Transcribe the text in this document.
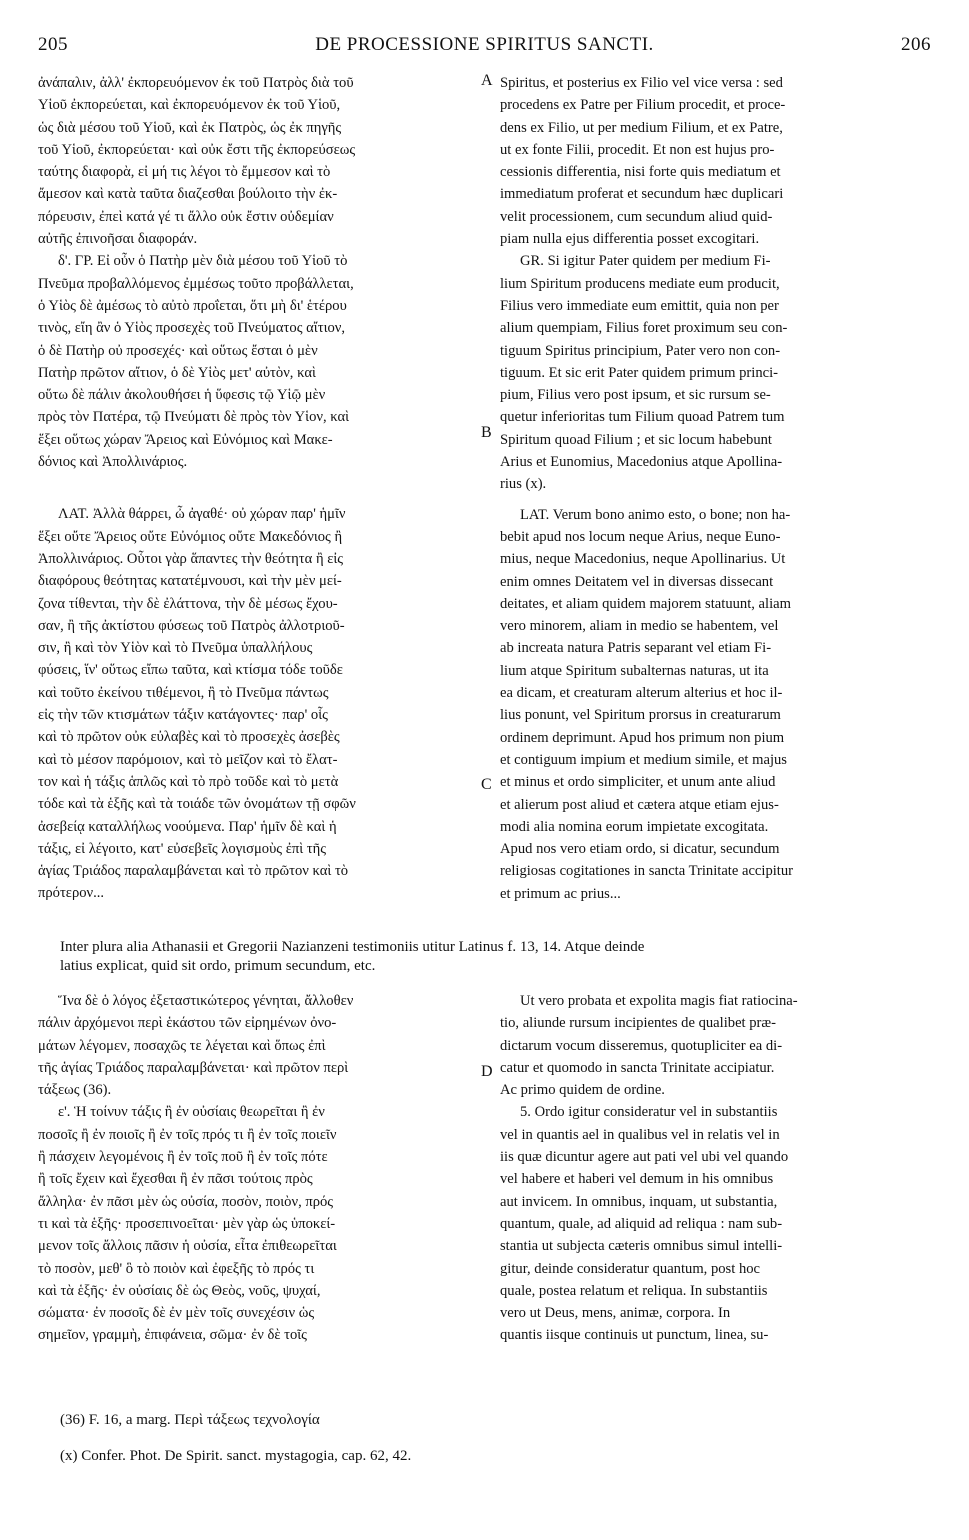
205	DE PROCESSIONE SPIRITUS SANCTI.	206

ἀνάπαλιν, ἀλλ' ἐκπορευόμενον ἐκ τοῦ Πατρὸς διὰ τοῦ
Υἱοῦ ἐκπορεύεται, καὶ ἐκπορευόμενον ἐκ τοῦ Υἱοῦ,
ὡς διὰ μέσου τοῦ Υἱοῦ, καὶ ἐκ Πατρὸς, ὡς ἐκ πηγῆς
τοῦ Υἱοῦ, ἐκπορεύεται· καὶ οὐκ ἔστι τῆς ἐκπορεύσεως
ταύτης διαφορὰ, εἰ μή τις λέγοι τὸ ἔμμεσον καὶ τὸ
ἄμεσον καὶ κατὰ ταῦτα διαζεσθαι βούλοιτο τὴν ἐκ-
πόρευσιν, ἐπεὶ κατά γέ τι ἄλλο οὐκ ἔστιν οὐδεμίαν
αὐτῆς ἐπινοῆσαι διαφοράν.

δ'. ΓΡ. Εἰ οὖν ὁ Πατὴρ μὲν διὰ μέσου τοῦ Υἱοῦ τὸ
Πνεῦμα προβαλλόμενος ἐμμέσως τοῦτο προβάλλεται,
ὁ Υἱὸς δὲ ἀμέσως τὸ αὐτὸ προΐεται, ὅτι μὴ δι' ἑτέρου
τινὸς, εἴη ἂν ὁ Υἱὸς προσεχὲς τοῦ Πνεύματος αἴτιον,
ὁ δὲ Πατὴρ οὐ προσεχές· καὶ οὕτως ἔσται ὁ μὲν
Πατὴρ πρῶτον αἴτιον, ὁ δὲ Υἱὸς μετ' αὐτὸν, καὶ
οὕτω δὲ πάλιν ἀκολουθήσει ἡ ὕφεσις τῷ Υἱῷ μὲν
πρὸς τὸν Πατέρα, τῷ Πνεύματι δὲ πρὸς τὸν Υἱον, καὶ
ἕξει οὕτως χώραν Ἄρειος καὶ Εὐνόμιος καὶ Μακε-
δόνιος καὶ Ἀπολλινάριος.

ΛΑΤ. Ἀλλὰ θάρρει, ὦ ἀγαθέ· οὐ χώραν παρ' ἡμῖν
ἕξει οὔτε Ἄρειος οὔτε Εὐνόμιος οὔτε Μακεδόνιος ἢ
Ἀπολλινάριος. Οὗτοι γὰρ ἅπαντες τὴν θεότητα ἢ εἰς
διαφόρους θεότητας κατατέμνουσι, καὶ τὴν μὲν μεί-
ζονα τίθενται, τὴν δὲ ἐλάττονα, τὴν δὲ μέσως ἔχου-
σαν, ἢ τῆς ἀκτίστου φύσεως τοῦ Πατρὸς ἀλλοτριοῦ-
σιν, ἢ καὶ τὸν Υἱὸν καὶ τὸ Πνεῦμα ὑπαλλήλους
φύσεις, ἵν' οὕτως εἴπω ταῦτα, καὶ κτίσμα τόδε τοῦδε
καὶ τοῦτο ἐκείνου τιθέμενοι, ἢ τὸ Πνεῦμα πάντως
εἰς τὴν τῶν κτισμάτων τάξιν κατάγοντες· παρ' οἷς
καὶ τὸ πρῶτον οὐκ εὐλαβὲς καὶ τὸ προσεχὲς ἀσεβὲς
καὶ τὸ μέσον παρόμοιον, καὶ τὸ μεῖζον καὶ τὸ ἔλατ-
τον καὶ ἡ τάξις ἁπλῶς καὶ τὸ πρὸ τοῦδε καὶ τὸ μετὰ
τόδε καὶ τὰ ἑξῆς καὶ τὰ τοιάδε τῶν ὀνομάτων τῇ σφῶν
ἀσεβείᾳ καταλλήλως νοούμενα. Παρ' ἡμῖν δὲ καὶ ἡ
τάξις, εἰ λέγοιτο, κατ' εὐσεβεῖς λογισμοὺς ἐπὶ τῆς
ἁγίας Τριάδος παραλαμβάνεται καὶ τὸ πρῶτον καὶ τὸ
πρότερον...

Spiritus, et posterius ex Filio vel vice versa : sed
procedens ex Patre per Filium procedit, et proce-
dens ex Filio, ut per medium Filium, et ex Patre,
ut ex fonte Filii, procedit. Et non est hujus pro-
cessionis differentia, nisi forte quis mediatum et
immediatum proferat et secundum hæc duplicari
velit processionem, cum secundum aliud quid-
piam nulla ejus differentia posset excogitari.

GR. Si igitur Pater quidem per medium Fi-
lium Spiritum producens mediate eum producit,
Filius vero immediate eum emittit, quia non per
alium quempiam, Filius foret proximum seu con-
tiguum Spiritus principium, Pater vero non con-
tiguum. Et sic erit Pater quidem primum princi-
pium, Filius vero post ipsum, et sic rursum se-
quetur inferioritas tum Filium quoad Patrem tum
Spiritum quoad Filium ; et sic locum habebunt
Arius et Eunomius, Macedonius atque Apollina-
rius (x).

LAT. Verum bono animo esto, o bone; non ha-
bebit apud nos locum neque Arius, neque Euno-
mius, neque Macedonius, neque Apollinarius. Ut
enim omnes Deitatem vel in diversas dissecant
deitates, et aliam quidem majorem statuunt, aliam
vero minorem, aliam in medio se habentem, vel
ab increata natura Patris separant vel etiam Fi-
lium atque Spiritum subalternas naturas, ut ita
ea dicam, et creaturam alterum alterius et hoc il-
lius ponunt, vel Spiritum prorsus in creaturarum
ordinem deprimunt. Apud hos primum non pium
et contiguum impium et medium simile, et majus
et minus et ordo simpliciter, et unum ante aliud
et alierum post aliud et cætera atque etiam ejus-
modi alia nomina eorum impietate excogitata.
Apud nos vero etiam ordo, si dicatur, secundum
religiosas cogitationes in sancta Trinitate accipitur
et primum ac prius...

A
B
C
D
Inter plura alia Athanasii et Gregorii Nazianzeni testimoniis utitur Latinus f. 13, 14. Atque deinde
latius explicat, quid sit ordo, primum secundum, etc.

Ἵνα δὲ ὁ λόγος ἐξεταστικώτερος γένηται, ἄλλοθεν
πάλιν ἀρχόμενοι περὶ ἑκάστου τῶν εἰρημένων ὀνο-
μάτων λέγομεν, ποσαχῶς τε λέγεται καὶ ὅπως ἐπὶ
τῆς ἁγίας Τριάδος παραλαμβάνεται· καὶ πρῶτον περὶ
τάξεως (36).

ε'. Ἡ τοίνυν τάξις ἢ ἐν οὐσίαις θεωρεῖται ἢ ἐν
ποσοῖς ἢ ἐν ποιοῖς ἢ ἐν τοῖς πρός τι ἢ ἐν τοῖς ποιεῖν
ἢ πάσχειν λεγομένοις ἢ ἐν τοῖς ποῦ ἢ ἐν τοῖς πότε
ἢ τοῖς ἔχειν καὶ ἔχεσθαι ἢ ἐν πᾶσι τούτοις πρὸς
ἄλληλα· ἐν πᾶσι μὲν ὡς οὐσία, ποσὸν, ποιὸν, πρός
τι καὶ τὰ ἑξῆς· προσεπινοεῖται· μὲν γὰρ ὡς ὑποκεί-
μενον τοῖς ἄλλοις πᾶσιν ἡ οὐσία, εἶτα ἐπιθεωρεῖται
τὸ ποσὸν, μεθ' ὃ τὸ ποιὸν καὶ ἐφεξῆς τὸ πρός τι
καὶ τὰ ἑξῆς· ἐν οὐσίαις δὲ ὡς Θεὸς, νοῦς, ψυχαί,
σώματα· ἐν ποσοῖς δὲ ἐν μὲν τοῖς συνεχέσιν ὡς
σημεῖον, γραμμὴ, ἐπιφάνεια, σῶμα· ἐν δὲ τοῖς

Ut vero probata et expolita magis fiat ratiocina-
tio, aliunde rursum incipientes de qualibet præ-
dictarum vocum disseremus, quotupliciter ea di-
catur et quomodo in sancta Trinitate accipiatur.
Ac primo quidem de ordine.

5. Ordo igitur consideratur vel in substantiis
vel in quantis ael in qualibus vel in relatis vel in
iis quæ dicuntur agere aut pati vel ubi vel quando
vel habere et haberi vel demum in his omnibus
aut invicem. In omnibus, inquam, ut substantia,
quantum, quale, ad aliquid ad reliqua : nam sub-
stantia ut subjecta cæteris omnibus simul intelli-
gitur, deinde consideratur quantum, post hoc
quale, postea relatum et reliqua. In substantiis
vero ut Deus, mens, animæ, corpora. In
quantis iisque continuis ut punctum, linea, su-

(36) F. 16, a marg. Περὶ τάξεως τεχνολογία
(x) Confer. Phot. De Spirit. sanct. mystagogia, cap. 62, 42.
